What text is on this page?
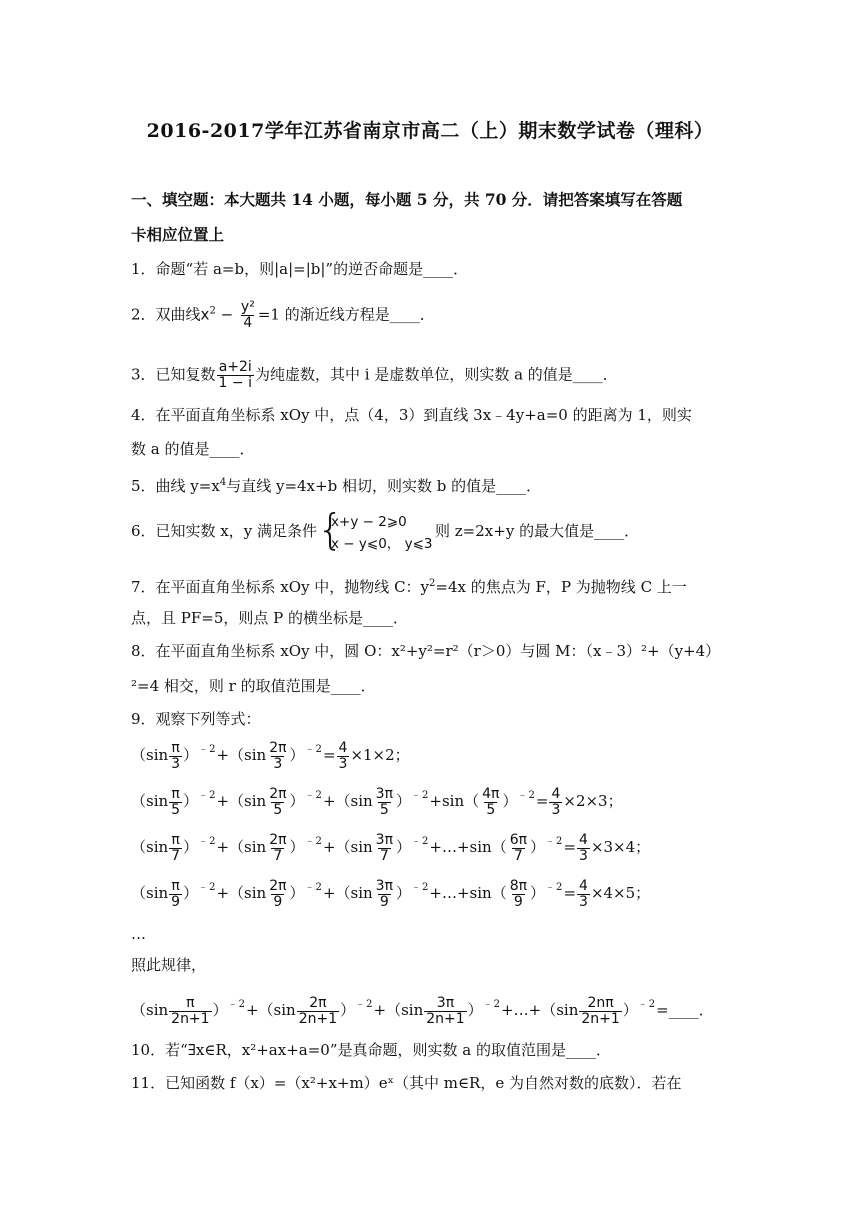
2016-2017学年江苏省南京市高二（上）期末数学试卷（理科）
一、填空题：本大题共 14 小题，每小题 5 分，共 70 分．请把答案填写在答题
卡相应位置上
1．命题“若 a=b，则|a|=|b|”的逆否命题是____．
2．双曲线$x^2 - \frac{\text{y²}}{4} =1$ 的渐近线方程是____．
3．已知复数 $\frac{a+2i}{1 - i}$ 为纯虚数，其中 i 是虚数单位，则实数 a 的值是____．
4．在平面直角坐标系 xOy 中，点（4，3）到直线 3x﹣4y+a=0 的距离为 1，则实
数 a 的值是____．
5．曲线 $y=x^4$与直线 y=4x+b 相切，则实数 b 的值是____．
6．已知实数 x，y 满足条件 {
x+y − 2⩾0
x − y⩽0， y⩽3
则 z=2x+y 的最大值是____．
7．在平面直角坐标系 xOy 中，抛物线 C：$y^2=4x$ 的焦点为 F，P 为抛物线 C 上一
点，且 PF=5，则点 P 的横坐标是____．
8．在平面直角坐标系 xOy 中，圆 O：x²+y²=r²（r＞0）与圆 M：（x﹣3）²+（y+4）
²=4 相交，则 r 的取值范围是____．
9．观察下列等式：
$(\sin \frac{\pi}{3} )^{﹣2}+(\sin \frac{2\pi}{3} )^{﹣2}= \frac{4}{3} \times 1\times 2$；
$(\sin \frac{\pi}{5} )^{﹣2}+(\sin \frac{2\pi}{5} )^{﹣2}+(\sin \frac{3\pi}{5} )^{﹣2}+\sin( \frac{4\pi}{5} )^{﹣2}= \frac{4}{3} \times 2\times 3$；
$(\sin \frac{\pi}{7} )^{﹣2}+(\sin \frac{2\pi}{7} )^{﹣2}+(\sin \frac{3\pi}{7}$ ）$^{﹣2}$+…+sin（ $\frac{6\pi}{7} )^{﹣2}= \frac{4}{3} \times 3\times 4$；
$(\sin \frac{\pi}{9} )^{﹣2}+(\sin \frac{2\pi}{9} )^{﹣2}+(\sin \frac{3\pi}{9}$ ）$^{﹣2}$+…+sin（ $\frac{8\pi}{9} )^{﹣2}= \frac{4}{3} \times 4\times 5$；
…
照此规律，
$(\sin \frac{\pi}{2n+1} )^{﹣2}+(\sin \frac{2\pi}{2n+1} )^{﹣2}+(\sin \frac{3\pi}{2n+1}$ ）$^{﹣2}$+…+（sin $\frac{2n\pi}{2n+1}$ ）$^{﹣2}$=____．
10．若“∃x∈R，x²+ax+a=0”是真命题，则实数 a 的取值范围是____．
11．已知函数 f（x）=（x²+x+m）eˣ（其中 m∈R，e 为自然对数的底数）．若在
